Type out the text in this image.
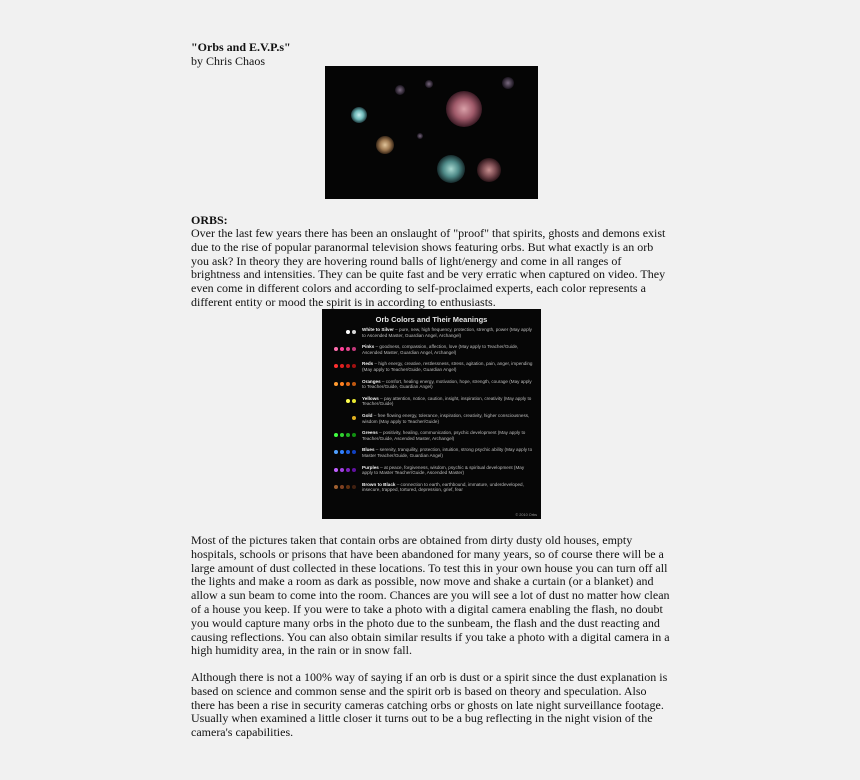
"Orbs and E.V.P.s"
by Chris Chaos
ORBS:

Over the last few years there has been an onslaught of "proof" that spirits, ghosts and demons exist
due to the rise of popular paranormal television shows featuring orbs. But what exactly is an orb
you ask? In theory they are hovering round balls of light/energy and come in all ranges of
brightness and intensities. They can be quite fast and be very erratic when captured on video. They
even come in different colors and according to self-proclaimed experts, each color represents a
different entity or mood the spirit is in according to enthusiasts.

Orb Colors and Their Meanings
White to Silver – pure, new, high frequency, protection, strength, power (May apply to Ascended Master, Guardian Angel, Archangel)
Pinks – goodness, compassion, affection, love (May apply to Teacher/Guide, Ascended Master, Guardian Angel, Archangel)
Reds – high energy, creative, restlessness, stress, agitation, pain, anger, impending (May apply to Teacher/Guide, Guardian Angel)
Oranges – comfort, healing energy, motivation, hope, strength, courage (May apply to Teacher/Guide, Guardian Angel)
Yellows – pay attention, notice, caution, insight, inspiration, creativity (May apply to Teacher/Guide)
Gold – free flowing energy, tolerance, inspiration, creativity, higher consciousness, wisdom (May apply to Teacher/Guide)
Greens – positivity, healing, communication, psychic development (May apply to Teacher/Guide, Ascended Master, Archangel)
Blues – serenity, tranquility, protection, intuition, strong psychic ability (May apply to Master Teacher/Guide, Guardian Angel)
Purples – at peace, forgiveness, wisdom, psychic & spiritual development (May apply to Master Teacher/Guide, Ascended Master)
Brown to Black – connection to earth, earthbound, immature, underdeveloped, insecure, trapped, tortured, depression, grief, fear
© 2010 Orbs

Most of the pictures taken that contain orbs are obtained from dirty dusty old houses, empty
hospitals, schools or prisons that have been abandoned for many years, so of course there will be a
large amount of dust collected in these locations. To test this in your own house you can turn off all
the lights and make a room as dark as possible, now move and shake a curtain (or a blanket) and
allow a sun beam to come into the room. Chances are you will see a lot of dust no matter how clean
of a house you keep. If you were to take a photo with a digital camera enabling the flash, no doubt
you would capture many orbs in the photo due to the sunbeam, the flash and the dust reacting and
causing reflections. You can also obtain similar results if you take a photo with a digital camera in a
high humidity area, in the rain or in snow fall.

Although there is not a 100% way of saying if an orb is dust or a spirit since the dust explanation is
based on science and common sense and the spirit orb is based on theory and speculation. Also
there has been a rise in security cameras catching orbs or ghosts on late night surveillance footage.
Usually when examined a little closer it turns out to be a bug reflecting in the night vision of the
camera's capabilities.
